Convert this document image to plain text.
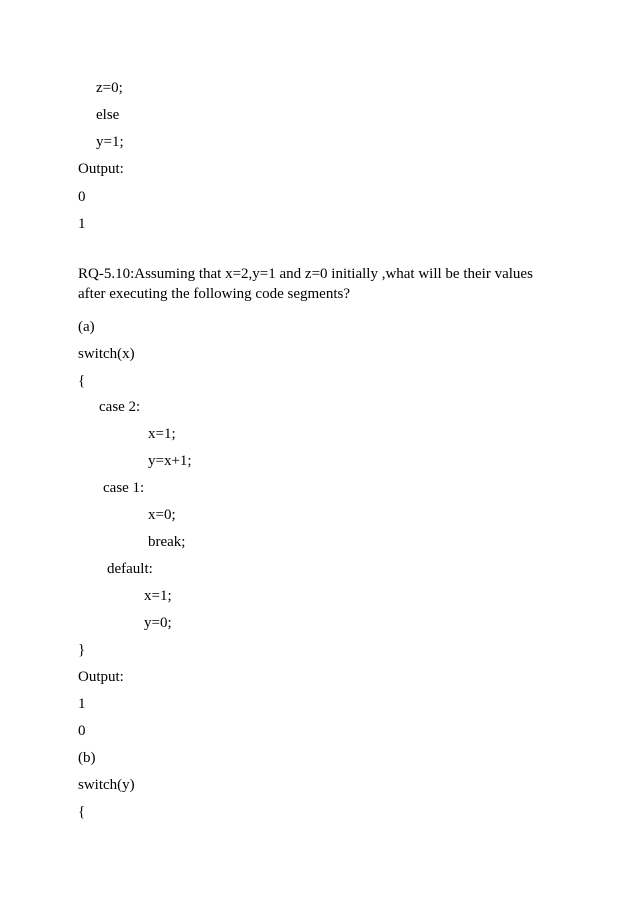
z=0;
else
y=1;
Output:
0
1
RQ-5.10:Assuming that x=2,y=1 and z=0 initially ,what will be their values after executing the following code segments?
(a)
switch(x)
{
case 2:
x=1;
y=x+1;
case 1:
x=0;
break;
default:
x=1;
y=0;
}
Output:
1
0
(b)
switch(y)
{
